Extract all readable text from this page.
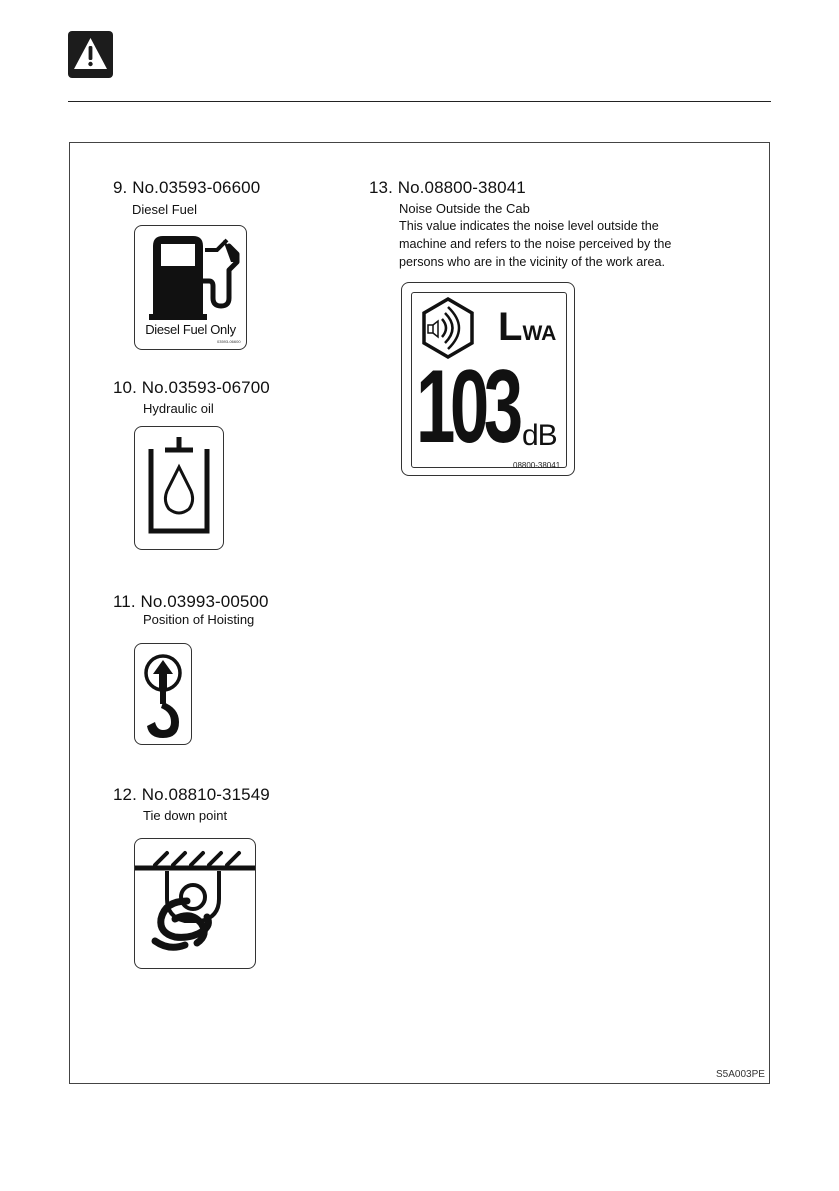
9. No.03593-06600
Diesel Fuel
Diesel Fuel Only
03593-06600
10. No.03593-06700
Hydraulic oil
11. No.03993-00500
Position of Hoisting
12. No.08810-31549
Tie down point
13. No.08800-38041
Noise Outside the Cab
This value indicates the noise level outside the
machine and refers to the noise perceived by the
persons who are in the vicinity of the work area.
LWA
103 dB
08800-38041
S5A003PE
